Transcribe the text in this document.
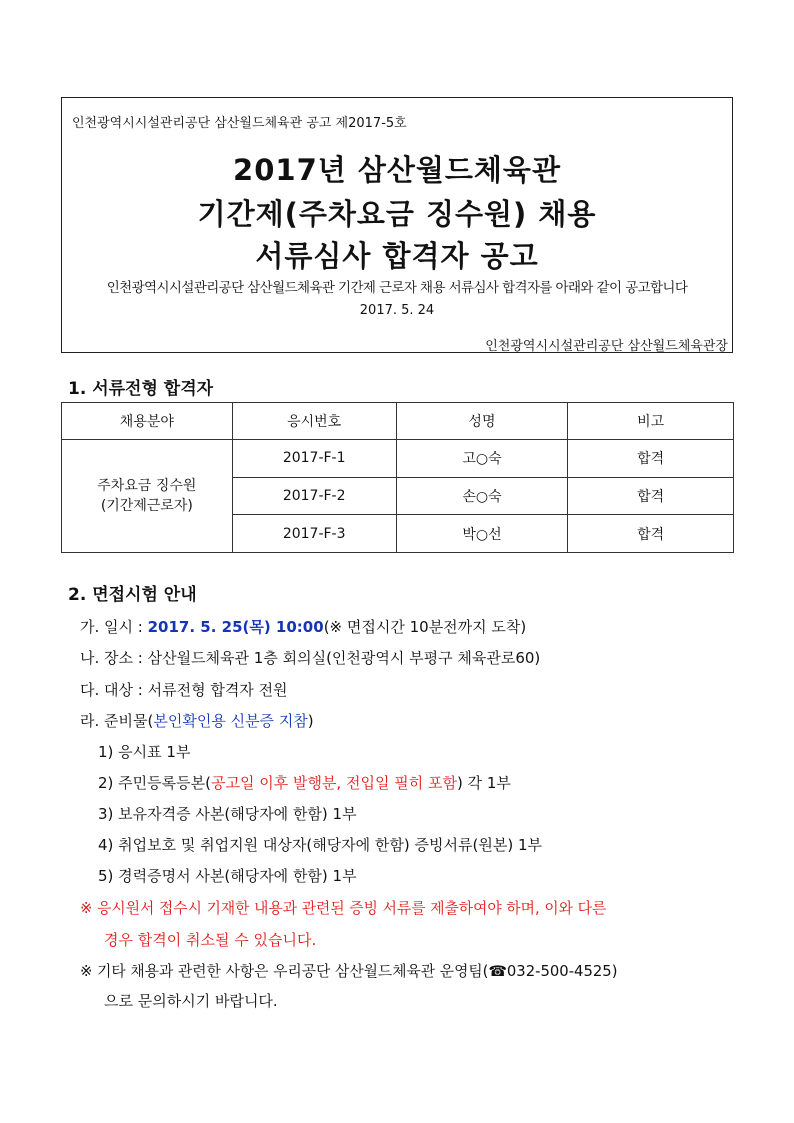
인천광역시시설관리공단 삼산월드체육관 공고 제2017-5호
2017년 삼산월드체육관
기간제(주차요금 징수원) 채용
서류심사 합격자 공고
인천광역시시설관리공단 삼산월드체육관 기간제 근로자 채용 서류심사 합격자를 아래와 같이 공고합니다
2017. 5. 24
인천광역시시설관리공단 삼산월드체육관장
1. 서류전형 합격자
채용분야	응시번호	성명	비고
주차요금 징수원
(기간제근로자)	2017-F-1	고○숙	합격
	2017-F-2	손○숙	합격
	2017-F-3	박○선	합격
2. 면접시험 안내
가. 일시 : 2017. 5. 25(목) 10:00(※ 면접시간 10분전까지 도착)
나. 장소 : 삼산월드체육관 1층 회의실(인천광역시 부평구 체육관로60)
다. 대상 : 서류전형 합격자 전원
라. 준비물(본인확인용 신분증 지참)
1) 응시표 1부
2) 주민등록등본(공고일 이후 발행분, 전입일 필히 포함) 각 1부
3) 보유자격증 사본(해당자에 한함) 1부
4) 취업보호 및 취업지원 대상자(해당자에 한함) 증빙서류(원본) 1부
5) 경력증명서 사본(해당자에 한함) 1부
※ 응시원서 접수시 기재한 내용과 관련된 증빙 서류를 제출하여야 하며, 이와 다른
경우 합격이 취소될 수 있습니다.
※ 기타 채용과 관련한 사항은 우리공단 삼산월드체육관 운영팀(☎032-500-4525)
으로 문의하시기 바랍니다.
